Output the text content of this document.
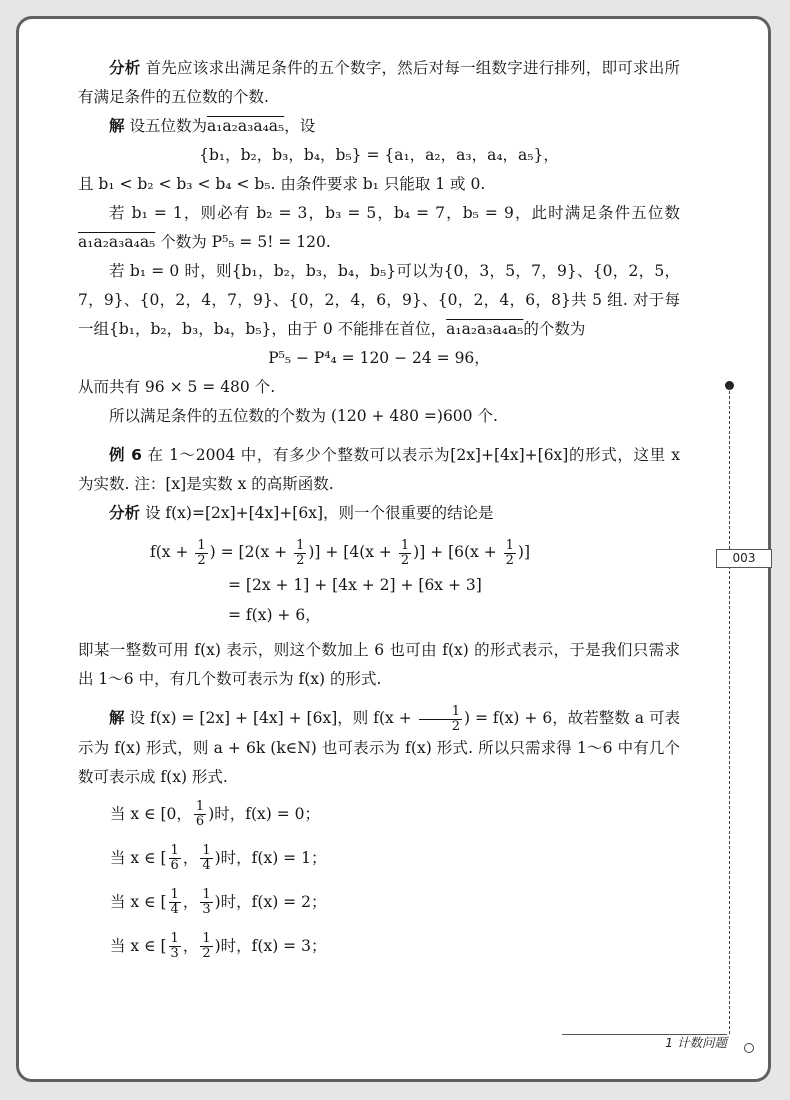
分析 首先应该求出满足条件的五个数字，然后对每一组数字进行排列，即可求出所有满足条件的五位数的个数.

解 设五位数为a₁a₂a₃a₄a₅，设

{b₁，b₂，b₃，b₄，b₅} = {a₁，a₂，a₃，a₄，a₅}，

且 b₁ < b₂ < b₃ < b₄ < b₅. 由条件要求 b₁ 只能取 1 或 0.

若 b₁ = 1，则必有 b₂ = 3，b₃ = 5，b₄ = 7，b₅ = 9，此时满足条件五位数 a₁a₂a₃a₄a₅ 个数为 P⁵₅ = 5! = 120.

若 b₁ = 0 时，则{b₁，b₂，b₃，b₄，b₅}可以为{0，3，5，7，9}、{0，2，5，7，9}、{0，2，4，7，9}、{0，2，4，6，9}、{0，2，4，6，8}共 5 组. 对于每一组{b₁，b₂，b₃，b₄，b₅}，由于 0 不能排在首位，a₁a₂a₃a₄a₅的个数为

P⁵₅ − P⁴₄ = 120 − 24 = 96，

从而共有 96 × 5 = 480 个.

所以满足条件的五位数的个数为 (120 + 480 =)600 个.

例 6 在 1～2004 中，有多少个整数可以表示为[2x]+[4x]+[6x]的形式，这里 x 为实数. 注：[x]是实数 x 的高斯函数.

分析 设 f(x)=[2x]+[4x]+[6x]，则一个很重要的结论是

$f(x + \frac{1}{2}$ ) = [$2(x + \frac{1}{2}$ )] + [$4(x + \frac{1}{2}$ )] + [$6(x + \frac{1}{2}$ )]
= [2x + 1] + [4x + 2] + [6x + 3]
= f(x) + 6，

即某一整数可用 f(x) 表示，则这个数加上 6 也可由 f(x) 的形式表示，于是我们只需求出 1～6 中，有几个数可表示为 f(x) 的形式.

解 设 f(x) = [2x] + [4x] + [6x]，则 $f(x + \frac{1}{2}$ ) = f(x) + 6，故若整数 a 可表示为 f(x) 形式，则 a + 6k (k∈N) 也可表示为 f(x) 形式. 所以只需求得 1～6 中有几个数可表示成 f(x) 形式.

当 x ∈ [0， $\frac{1}{6}$ )时，f(x) = 0；
当 x ∈ [ $\frac{1}{6}$ ， $\frac{1}{4}$ )时，f(x) = 1；
当 x ∈ [ $\frac{1}{4}$ ， $\frac{1}{3}$ )时，f(x) = 2；
当 x ∈ [ $\frac{1}{3}$ ， $\frac{1}{2}$ )时，f(x) = 3；
003
1 计数问题
